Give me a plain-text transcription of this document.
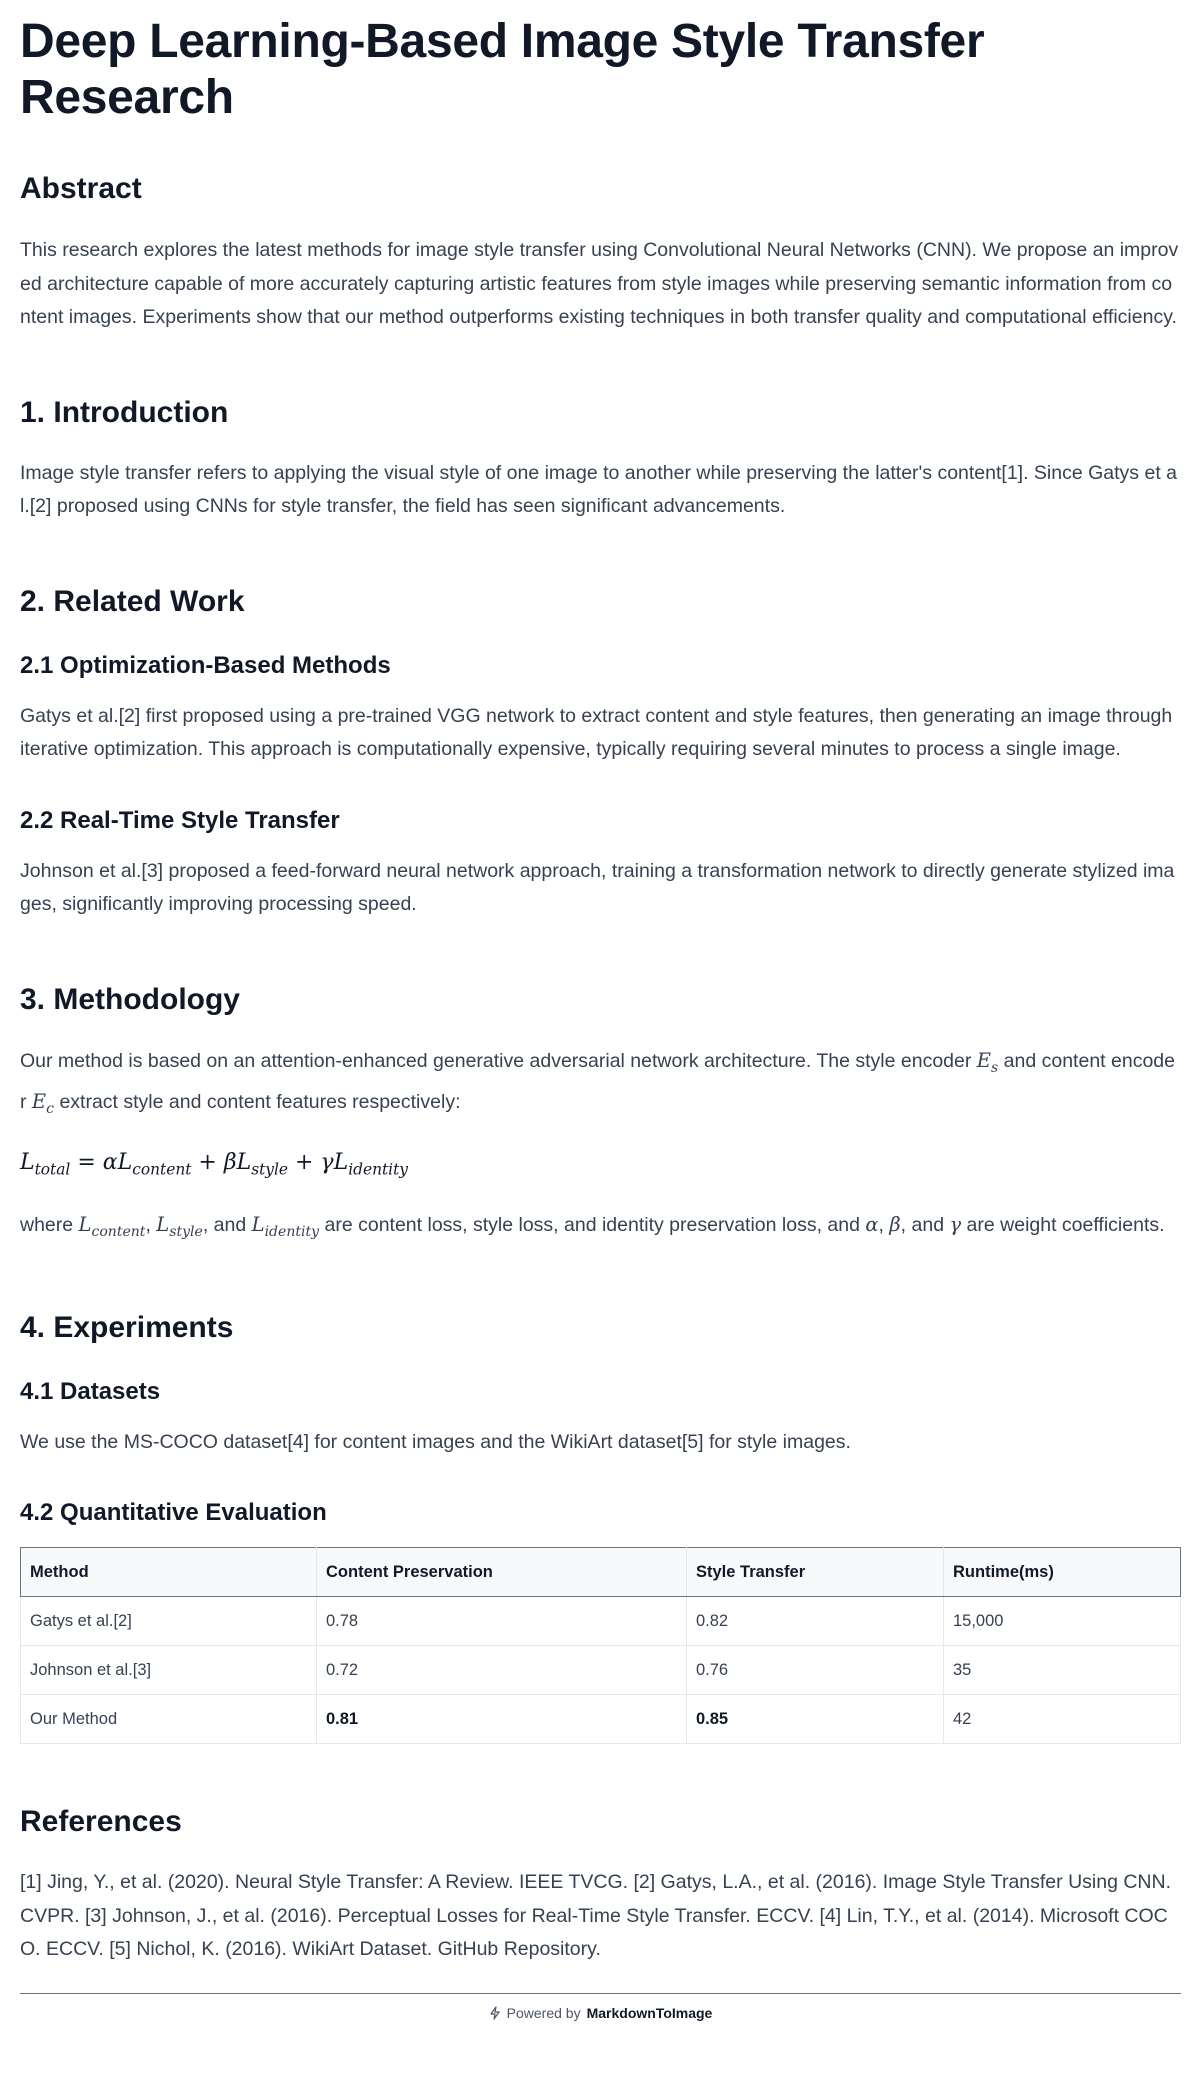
Deep Learning-Based Image Style Transfer Research
Abstract

This research explores the latest methods for image style transfer using Convolutional Neural Networks (CNN). We propose an improved architecture capable of more accurately capturing artistic features from style images while preserving semantic information from content images. Experiments show that our method outperforms existing techniques in both transfer quality and computational efficiency.

1. Introduction

Image style transfer refers to applying the visual style of one image to another while preserving the latter's content[1]. Since Gatys et al.[2] proposed using CNNs for style transfer, the field has seen significant advancements.

2. Related Work
2.1 Optimization-Based Methods

Gatys et al.[2] first proposed using a pre-trained VGG network to extract content and style features, then generating an image through iterative optimization. This approach is computationally expensive, typically requiring several minutes to process a single image.

2.2 Real-Time Style Transfer

Johnson et al.[3] proposed a feed-forward neural network approach, training a transformation network to directly generate stylized images, significantly improving processing speed.

3. Methodology

Our method is based on an attention-enhanced generative adversarial network architecture. The style encoder $E_s$ and content encoder $E_c$ extract style and content features respectively:

$L_{total} = \alpha L_{content} + \beta L_{style} + \gamma L_{identity}$

where $L_{content}$, $L_{style}$, and $L_{identity}$ are content loss, style loss, and identity preservation loss, and α, β, and γ are weight coefficients.

4. Experiments
4.1 Datasets

We use the MS-COCO dataset[4] for content images and the WikiArt dataset[5] for style images.

4.2 Quantitative Evaluation
Method	Content Preservation	Style Transfer	Runtime(ms)
Gatys et al.[2]	0.78	0.82	15,000
Johnson et al.[3]	0.72	0.76	35
Our Method	0.81	0.85	42
References

[1] Jing, Y., et al. (2020). Neural Style Transfer: A Review. IEEE TVCG. [2] Gatys, L.A., et al. (2016). Image Style Transfer Using CNN. CVPR. [3] Johnson, J., et al. (2016). Perceptual Losses for Real-Time Style Transfer. ECCV. [4] Lin, T.Y., et al. (2014). Microsoft COCO. ECCV. [5] Nichol, K. (2016). WikiArt Dataset. GitHub Repository.

Powered by MarkdownToImage
